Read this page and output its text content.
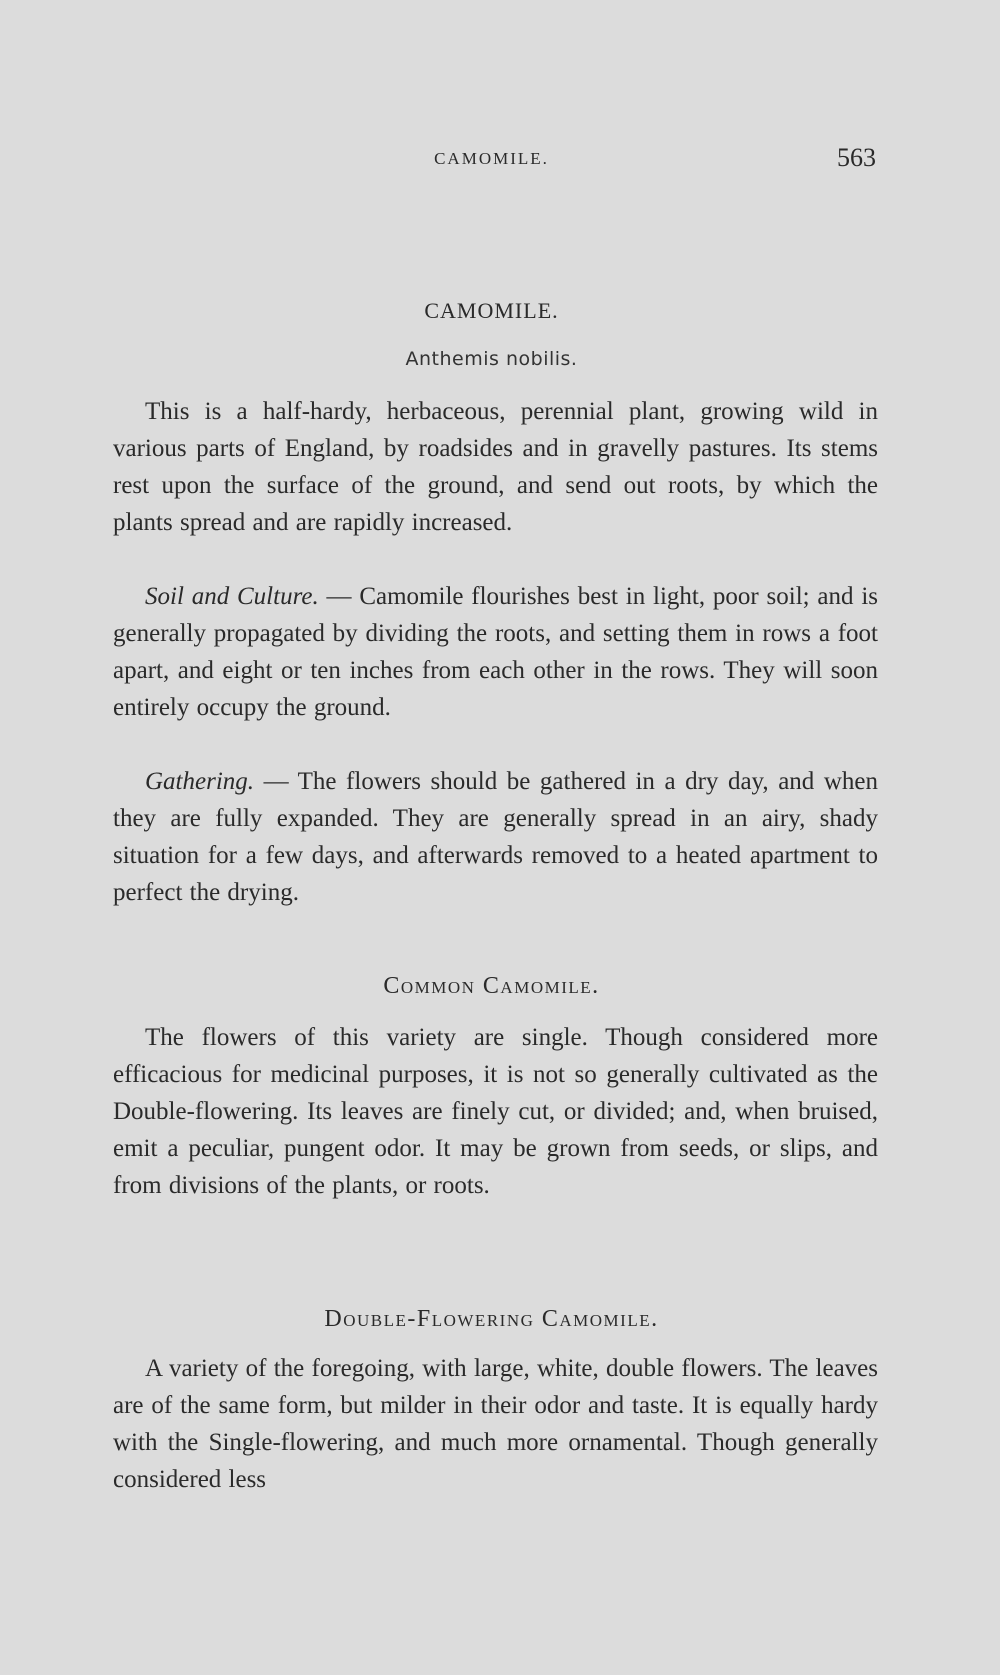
CAMOMILE.	563
CAMOMILE.
Anthemis nobilis.

This is a half-hardy, herbaceous, perennial plant, growing wild in various parts of England, by roadsides and in gravelly pastures. Its stems rest upon the surface of the ground, and send out roots, by which the plants spread and are rapidly increased.

Soil and Culture. — Camomile flourishes best in light, poor soil; and is generally propagated by dividing the roots, and setting them in rows a foot apart, and eight or ten inches from each other in the rows. They will soon entirely occupy the ground.

Gathering. — The flowers should be gathered in a dry day, and when they are fully expanded. They are generally spread in an airy, shady situation for a few days, and afterwards removed to a heated apartment to perfect the drying.

Common Camomile.

The flowers of this variety are single. Though considered more efficacious for medicinal purposes, it is not so generally cultivated as the Double-flowering. Its leaves are finely cut, or divided; and, when bruised, emit a peculiar, pungent odor. It may be grown from seeds, or slips, and from divisions of the plants, or roots.

Double-Flowering Camomile.

A variety of the foregoing, with large, white, double flowers. The leaves are of the same form, but milder in their odor and taste. It is equally hardy with the Single-flowering, and much more ornamental. Though generally considered less
